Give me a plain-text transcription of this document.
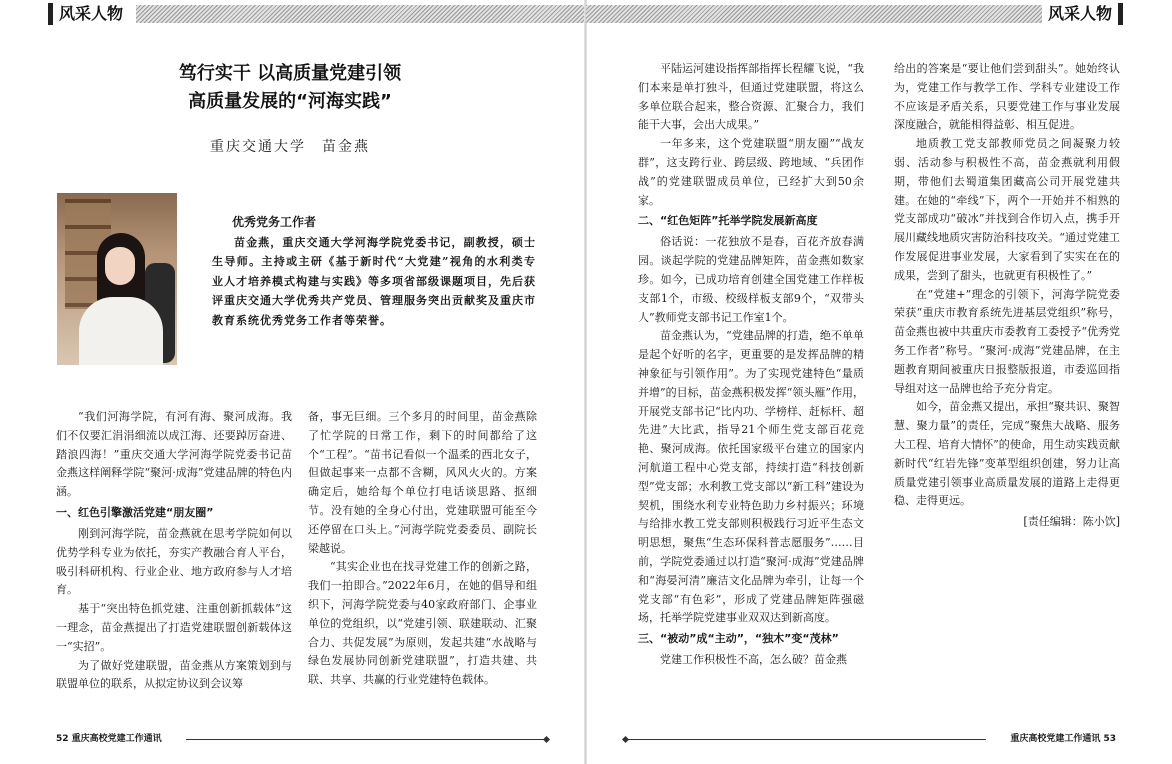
风采人物
笃行实干 以高质量党建引领
高质量发展的“河海实践”
重庆交通大学　苗金燕
优秀党务工作者
苗金燕，重庆交通大学河海学院党委书记，副教授，硕士生导师。主持或主研《基于新时代“大党建”视角的水利类专业人才培养模式构建与实践》等多项省部级课题项目，先后获评重庆交通大学优秀共产党员、管理服务突出贡献奖及重庆市教育系统优秀党务工作者等荣誉。

“我们河海学院，有河有海、聚河成海。我们不仅要汇涓涓细流以成江海、还要踔厉奋进、踏浪四海！”重庆交通大学河海学院党委书记苗金燕这样阐释学院“聚河·成海”党建品牌的特色内涵。

一、红色引擎激活党建“朋友圈”

刚到河海学院，苗金燕就在思考学院如何以优势学科专业为依托，夯实产教融合育人平台，吸引科研机构、行业企业、地方政府参与人才培育。

基于“突出特色抓党建、注重创新抓载体”这一理念，苗金燕提出了打造党建联盟创新载体这一“实招”。

为了做好党建联盟，苗金燕从方案策划到与联盟单位的联系，从拟定协议到会议筹

备，事无巨细。三个多月的时间里，苗金燕除了忙学院的日常工作，剩下的时间都给了这个“工程”。“苗书记看似一个温柔的西北女子，但做起事来一点都不含糊，风风火火的。方案确定后，她给每个单位打电话谈思路、抠细节。没有她的全身心付出，党建联盟可能至今还停留在口头上。”河海学院党委委员、副院长梁越说。

“其实企业也在找寻党建工作的创新之路，我们一拍即合。”2022年6月，在她的倡导和组织下，河海学院党委与40家政府部门、企事业单位的党组织，以“党建引领、联建联动、汇聚合力、共促发展”为原则，发起共建“水战略与绿色发展协同创新党建联盟”，打造共建、共联、共享、共赢的行业党建特色载体。

52 重庆高校党建工作通讯
风采人物

平陆运河建设指挥部指挥长程耀飞说，“我们本来是单打独斗，但通过党建联盟，将这么多单位联合起来，整合资源、汇聚合力，我们能干大事，会出大成果。”

一年多来，这个党建联盟“朋友圈”“战友群”，这支跨行业、跨层级、跨地域、“兵团作战”的党建联盟成员单位，已经扩大到50余家。

二、“红色矩阵”托举学院发展新高度

俗话说：一花独放不是春，百花齐放春满园。谈起学院的党建品牌矩阵，苗金燕如数家珍。如今，已成功培育创建全国党建工作样板支部1个，市级、校级样板支部9个，“双带头人”教师党支部书记工作室1个。

苗金燕认为，“党建品牌的打造，绝不单单是起个好听的名字，更重要的是发挥品牌的精神象征与引领作用”。为了实现党建特色“量质并增”的目标，苗金燕积极发挥“领头雁”作用，开展党支部书记“比内功、学榜样、赶标杆、超先进”大比武，指导21个师生党支部百花竞艳、聚河成海。依托国家级平台建立的国家内河航道工程中心党支部，持续打造“科技创新型”党支部；水利教工党支部以“新工科”建设为契机，围绕水利专业特色助力乡村振兴；环境与给排水教工党支部则积极践行习近平生态文明思想，聚焦“生态环保科普志愿服务”……目前，学院党委通过以打造“聚河·成海”党建品牌和“海晏河清”廉洁文化品牌为牵引，让每一个党支部“有色彩”，形成了党建品牌矩阵强磁场，托举学院党建事业双双达到新高度。

三、“被动”成“主动”，“独木”变“茂林”

党建工作积极性不高，怎么破？苗金燕

给出的答案是“要让他们尝到甜头”。她始终认为，党建工作与教学工作、学科专业建设工作不应该是矛盾关系，只要党建工作与事业发展深度融合，就能相得益彰、相互促进。

地质教工党支部教师党员之间凝聚力较弱、活动参与积极性不高，苗金燕就利用假期，带他们去蜀道集团藏高公司开展党建共建。在她的“牵线”下，两个一开始并不相熟的党支部成功“破冰”并找到合作切入点，携手开展川藏线地质灾害防治科技攻关。“通过党建工作发展促进事业发展，大家看到了实实在在的成果，尝到了甜头，也就更有积极性了。”

在“党建+”理念的引领下，河海学院党委荣获“重庆市教育系统先进基层党组织”称号，苗金燕也被中共重庆市委教育工委授予“优秀党务工作者”称号。“聚河·成海”党建品牌，在主题教育期间被重庆日报整版报道，市委巡回指导组对这一品牌也给予充分肯定。

如今，苗金燕又提出，承担“聚共识、聚智慧、聚力量”的责任，完成“聚焦大战略、服务大工程、培育大情怀”的使命，用生动实践贡献新时代“红岩先锋”变革型组织创建，努力让高质量党建引领事业高质量发展的道路上走得更稳、走得更远。

[责任编辑：陈小饮]
重庆高校党建工作通讯 53
